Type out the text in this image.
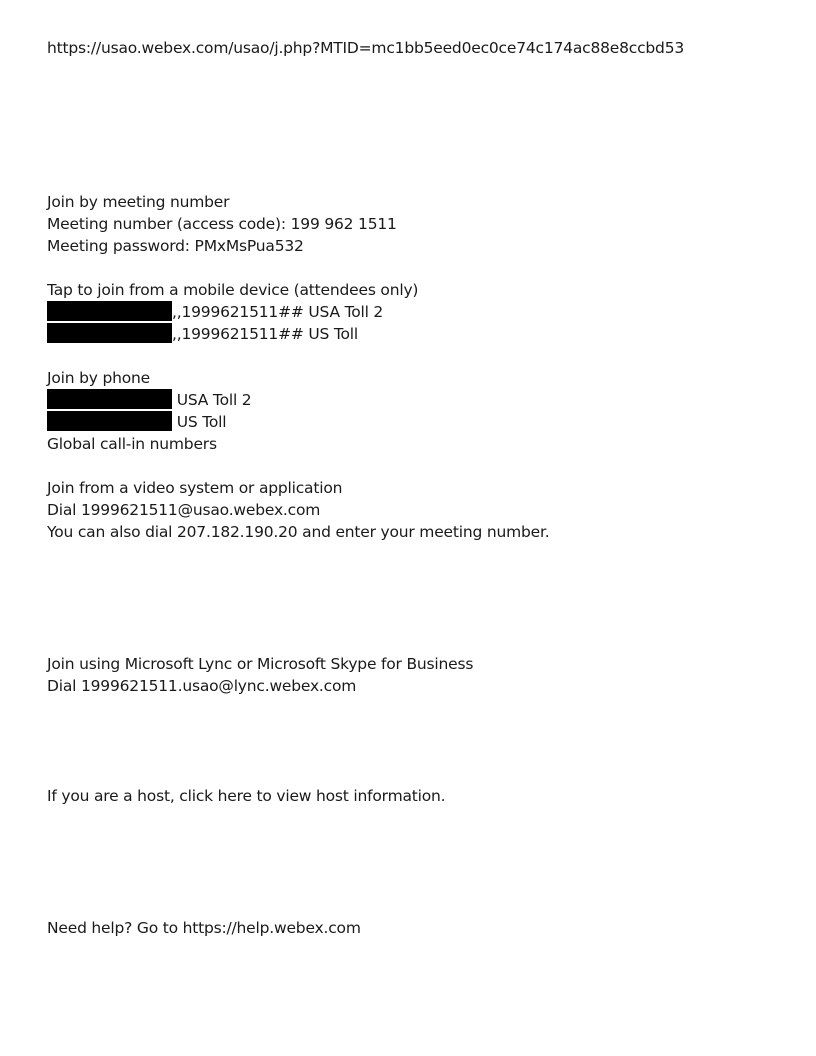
https://usao.webex.com/usao/j.php?MTID=mc1bb5eed0ec0ce74c174ac88e8ccbd53
Join by meeting number
Meeting number (access code): 199 962 1511
Meeting password: PMxMsPua532
Tap to join from a mobile device (attendees only)
,,1999621511## USA Toll 2
,,1999621511## US Toll
Join by phone
USA Toll 2
US Toll
Global call-in numbers
Join from a video system or application
Dial 1999621511@usao.webex.com
You can also dial 207.182.190.20 and enter your meeting number.
Join using Microsoft Lync or Microsoft Skype for Business
Dial 1999621511.usao@lync.webex.com
If you are a host, click here to view host information.
Need help? Go to https://help.webex.com
